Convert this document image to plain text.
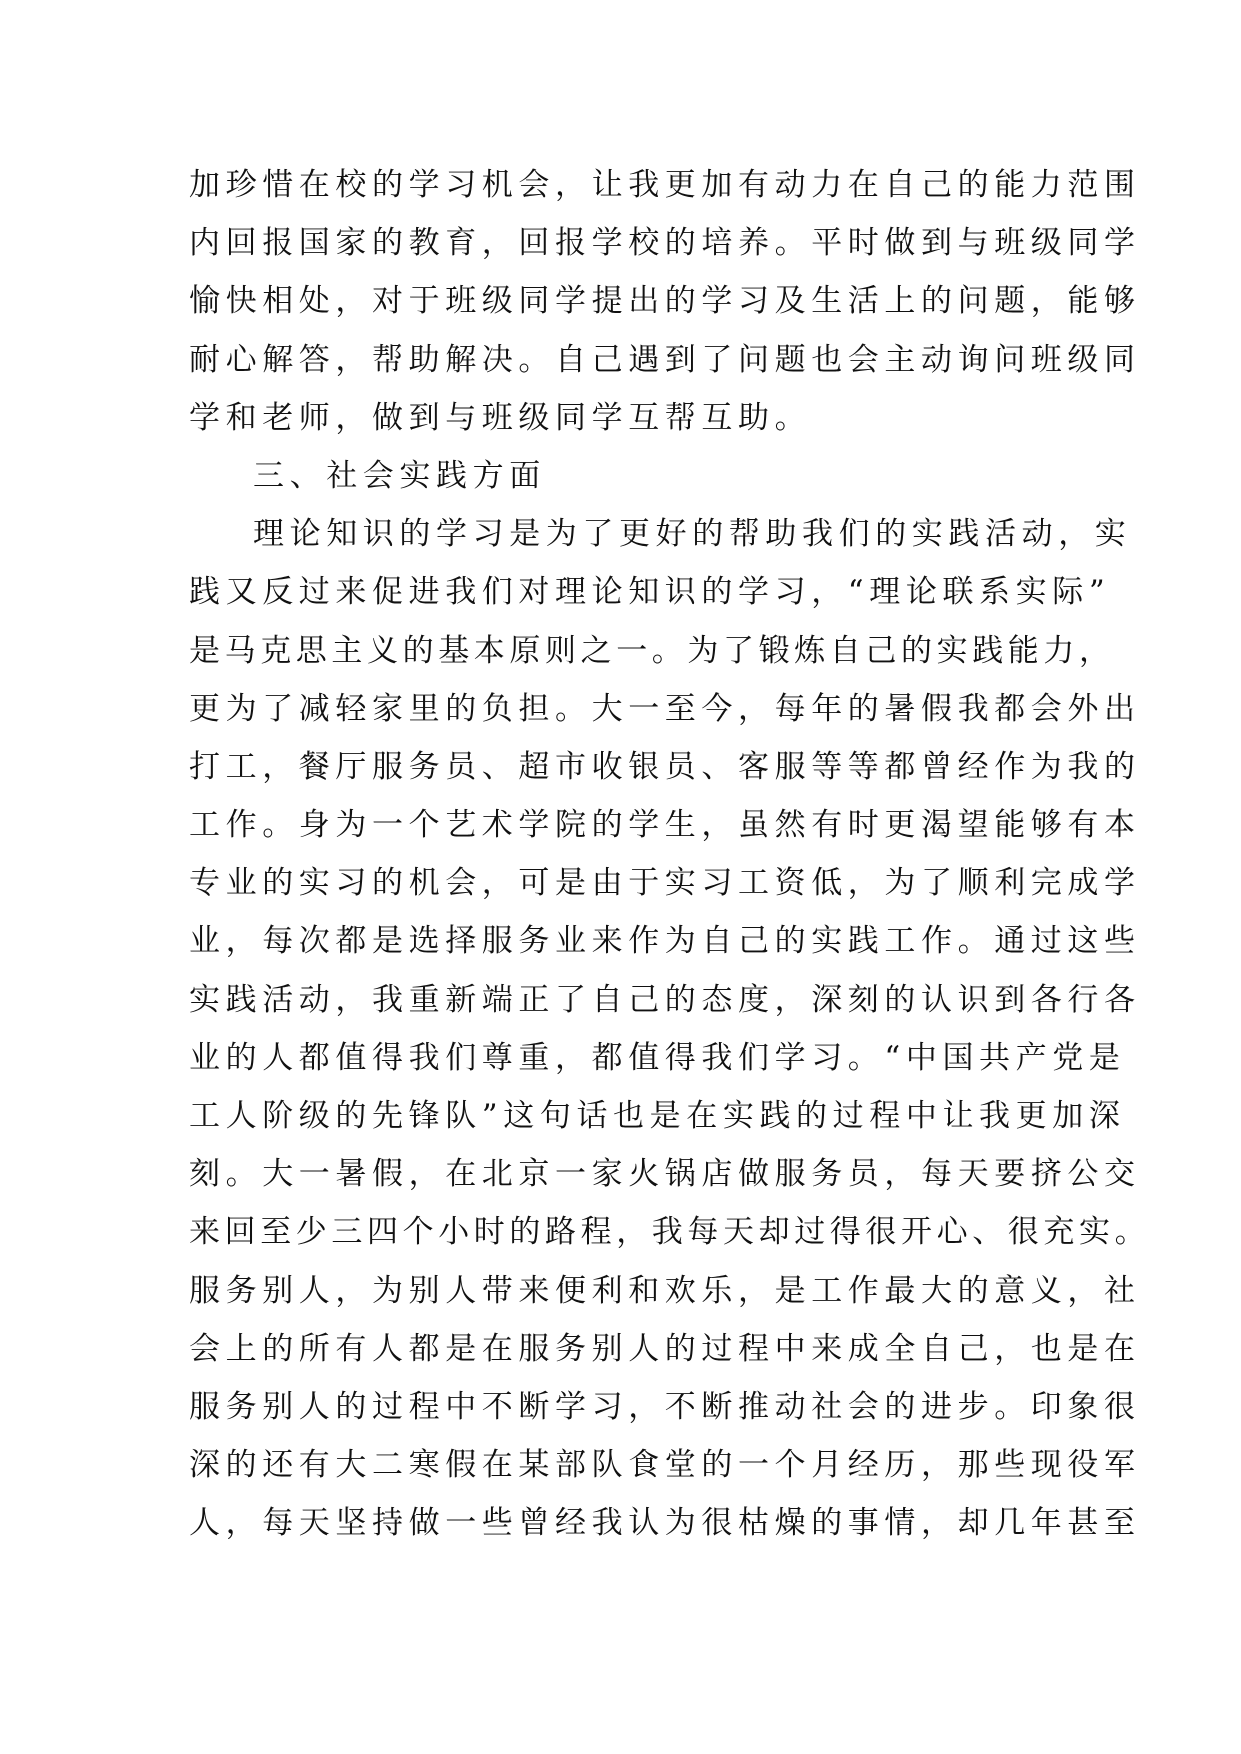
加珍惜在校的学习机会，让我更加有动力在自己的能力范围
内回报国家的教育，回报学校的培养。平时做到与班级同学
愉快相处，对于班级同学提出的学习及生活上的问题，能够
耐心解答，帮助解决。自己遇到了问题也会主动询问班级同
学和老师，做到与班级同学互帮互助。
三、社会实践方面
理论知识的学习是为了更好的帮助我们的实践活动，实
践又反过来促进我们对理论知识的学习，“理论联系实际”
是马克思主义的基本原则之一。为了锻炼自己的实践能力，
更为了减轻家里的负担。大一至今，每年的暑假我都会外出
打工，餐厅服务员、超市收银员、客服等等都曾经作为我的
工作。身为一个艺术学院的学生，虽然有时更渴望能够有本
专业的实习的机会，可是由于实习工资低，为了顺利完成学
业，每次都是选择服务业来作为自己的实践工作。通过这些
实践活动，我重新端正了自己的态度，深刻的认识到各行各
业的人都值得我们尊重，都值得我们学习。“中国共产党是
工人阶级的先锋队”这句话也是在实践的过程中让我更加深
刻。大一暑假，在北京一家火锅店做服务员，每天要挤公交
来回至少三四个小时的路程，我每天却过得很开心、很充实。
服务别人，为别人带来便利和欢乐，是工作最大的意义，社
会上的所有人都是在服务别人的过程中来成全自己，也是在
服务别人的过程中不断学习，不断推动社会的进步。印象很
深的还有大二寒假在某部队食堂的一个月经历，那些现役军
人，每天坚持做一些曾经我认为很枯燥的事情，却几年甚至
